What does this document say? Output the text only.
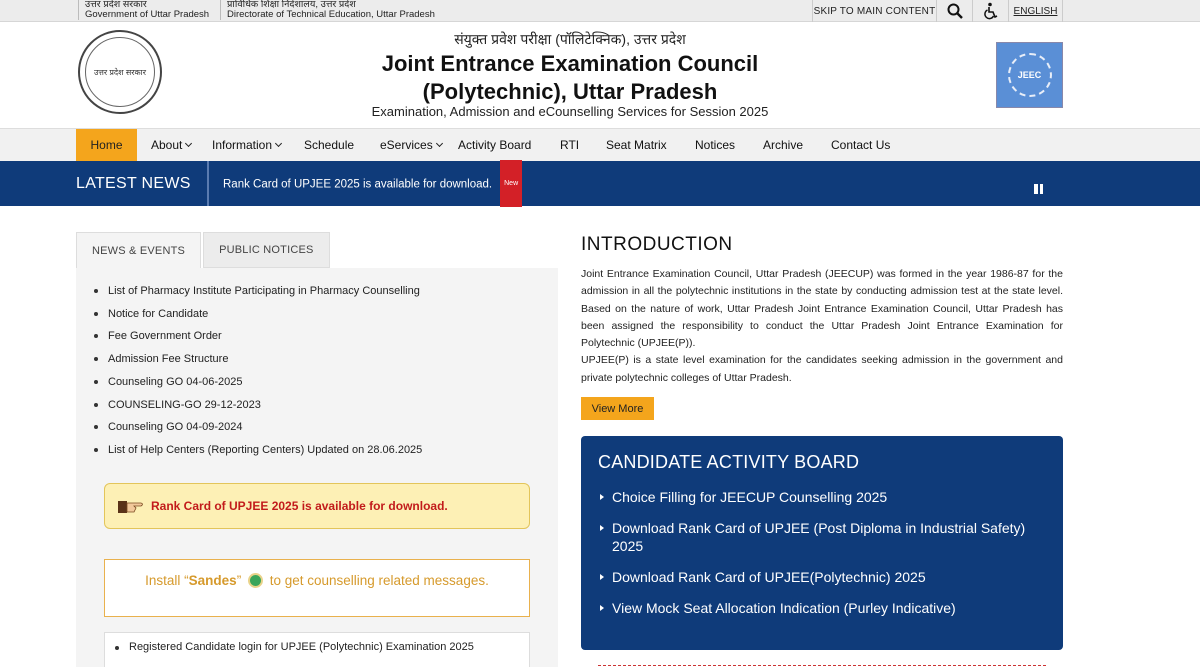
उत्तर प्रदेश सरकार
Government of Uttar Pradesh
प्राविधिक शिक्षा निदेशालय, उत्तर प्रदेश
Directorate of Technical Education, Uttar Pradesh	SKIP TO MAIN CONTENT	ENGLISH
उत्तर प्रदेश सरकार
संयुक्त प्रवेश परीक्षा (पॉलिटेक्निक), उत्तर प्रदेश
Joint Entrance Examination Council
(Polytechnic), Uttar Pradesh
Examination, Admission and eCounselling Services for Session 2025
JEEC
Home About Information	Schedule eServices Activity Board RTI Seat Matrix Notices Archive Contact Us
LATEST NEWS	Rank Card of UPJEE 2025 is available for download. New
NEWS & EVENTS	PUBLIC NOTICES
List of Pharmacy Institute Participating in Pharmacy Counselling
Notice for Candidate
Fee Government Order
Admission Fee Structure
Counseling GO 04-06-2025
COUNSELING-GO 29-12-2023
Counseling GO 04-09-2024
List of Help Centers (Reporting Centers) Updated on 28.06.2025
Rank Card of UPJEE 2025 is available for download.
Install “Sandes”  to get counselling related messages.
Registered Candidate login for UPJEE (Polytechnic) Examination 2025
INTRODUCTION

Joint Entrance Examination Council, Uttar Pradesh (JEECUP) was formed in the year 1986-87 for the admission in all the polytechnic institutions in the state by conducting admission test at the state level. Based on the nature of work, Uttar Pradesh Joint Entrance Examination Council, Uttar Pradesh has been assigned the responsibility to conduct the Uttar Pradesh Joint Entrance Examination for Polytechnic (UPJEE(P)).

UPJEE(P) is a state level examination for the candidates seeking admission in the government and private polytechnic colleges of Uttar Pradesh.

View More
CANDIDATE ACTIVITY BOARD
Choice Filling for JEECUP Counselling 2025
Download Rank Card of UPJEE (Post Diploma in Industrial Safety) 2025
Download Rank Card of UPJEE(Polytechnic) 2025
View Mock Seat Allocation Indication (Purley Indicative)
